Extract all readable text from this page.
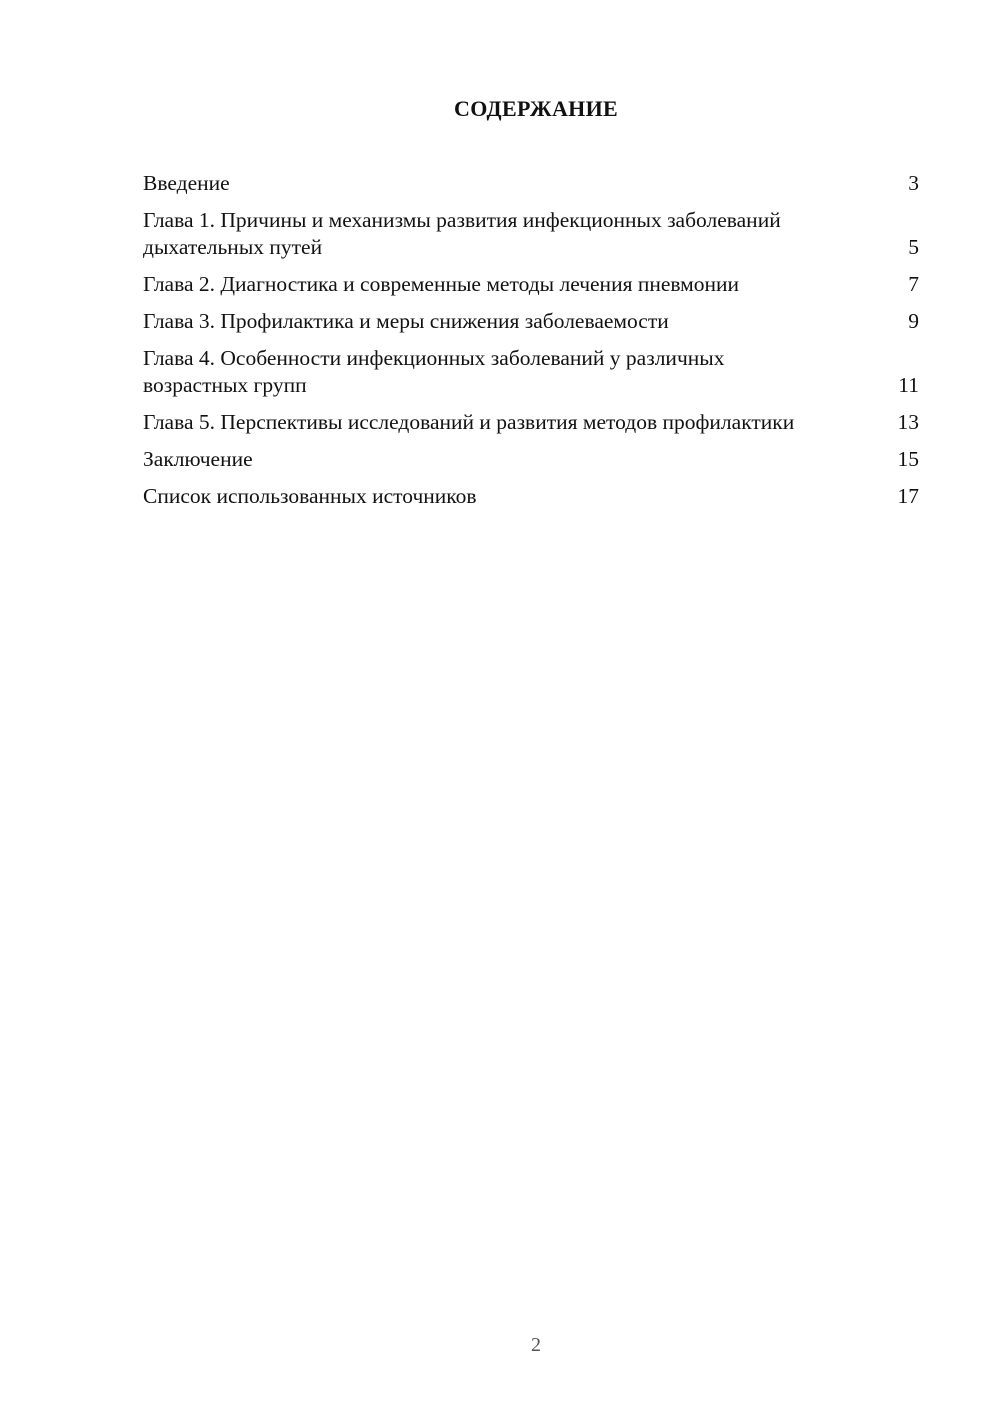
СОДЕРЖАНИЕ
Введение	3
Глава 1. Причины и механизмы развития инфекционных заболеваний дыхательных путей	5
Глава 2. Диагностика и современные методы лечения пневмонии	7
Глава 3. Профилактика и меры снижения заболеваемости	9
Глава 4. Особенности инфекционных заболеваний у различных возрастных групп	11
Глава 5. Перспективы исследований и развития методов профилактики	13
Заключение	15
Список использованных источников	17
2
